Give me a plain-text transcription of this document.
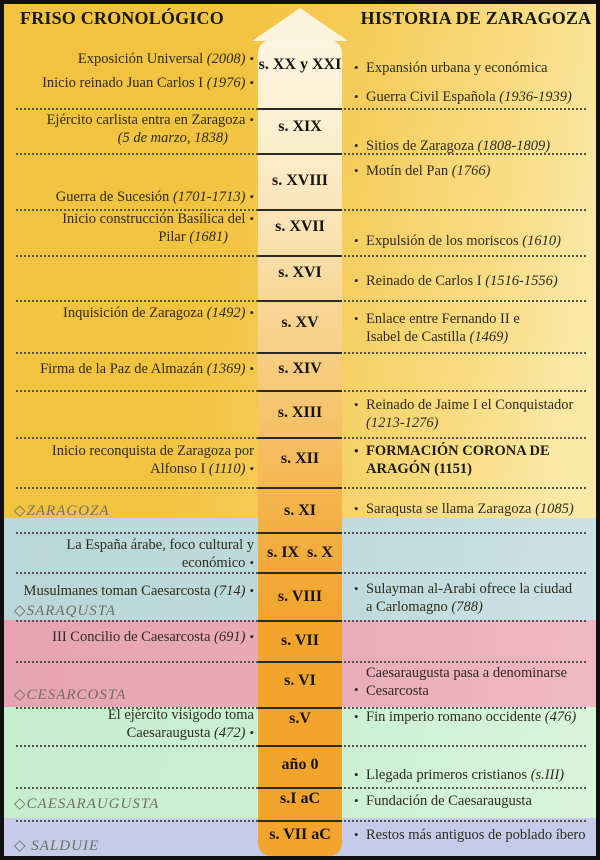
FRISO CRONOLÓGICO	HISTORIA DE ZARAGOZA
s. XX y XXI
s. XIX
s. XVIII
s. XVII
s. XVI
s. XV
s. XIV
s. XIII
s. XII
s. XI
s. IX  s. X
s. VIII
s. VII
s. VI
s.V
año 0
s.I aC
s. VII aC
Exposición Universal (2008)•
Inicio reinado Juan Carlos I (1976)•
Ejército carlista entra en Zaragoza•
(5 de marzo, 1838)
Guerra de Sucesión (1701-1713)•
Inicio construcción Basílica del•
Pilar (1681)
Inquisición de Zaragoza (1492)•
Firma de la Paz de Almazán (1369)•
Inicio reconquista de Zaragoza por
Alfonso I (1110)•
La España árabe, foco cultural y
económico•
Musulmanes toman Caesarcosta (714)•
III Concilio de Caesarcosta (691)•
El ejército visigodo toma
Caesaraugusta (472)•
•
Expansión urbana y económica
•
Guerra Civil Española (1936-1939)
•
Sitios de Zaragoza (1808-1809)
•
Motín del Pan (1766)
•
Expulsión de los moriscos (1610)
•
Reinado de Carlos I (1516-1556)
•
Enlace entre Fernando II e
Isabel de Castilla (1469)
•
Reinado de Jaime I el Conquistador
(1213-1276)
•
FORMACIÓN CORONA DE
ARAGÓN (1151)
•
Saraqusta se llama Zaragoza (1085)
•
Sulayman al-Arabi ofrece la ciudad
a Carlomagno (788)
•
Caesaraugusta pasa a denominarse
Cesarcosta
•
Fin imperio romano occidente (476)
•
Llegada primeros cristianos (s.III)
•
Fundación de Caesaraugusta
•
Restos más antiguos de poblado íbero
◇ZARAGOZA
◇SARAQUSTA
◇CESARCOSTA
◇CAESARAUGUSTA
◇ SALDUIE
